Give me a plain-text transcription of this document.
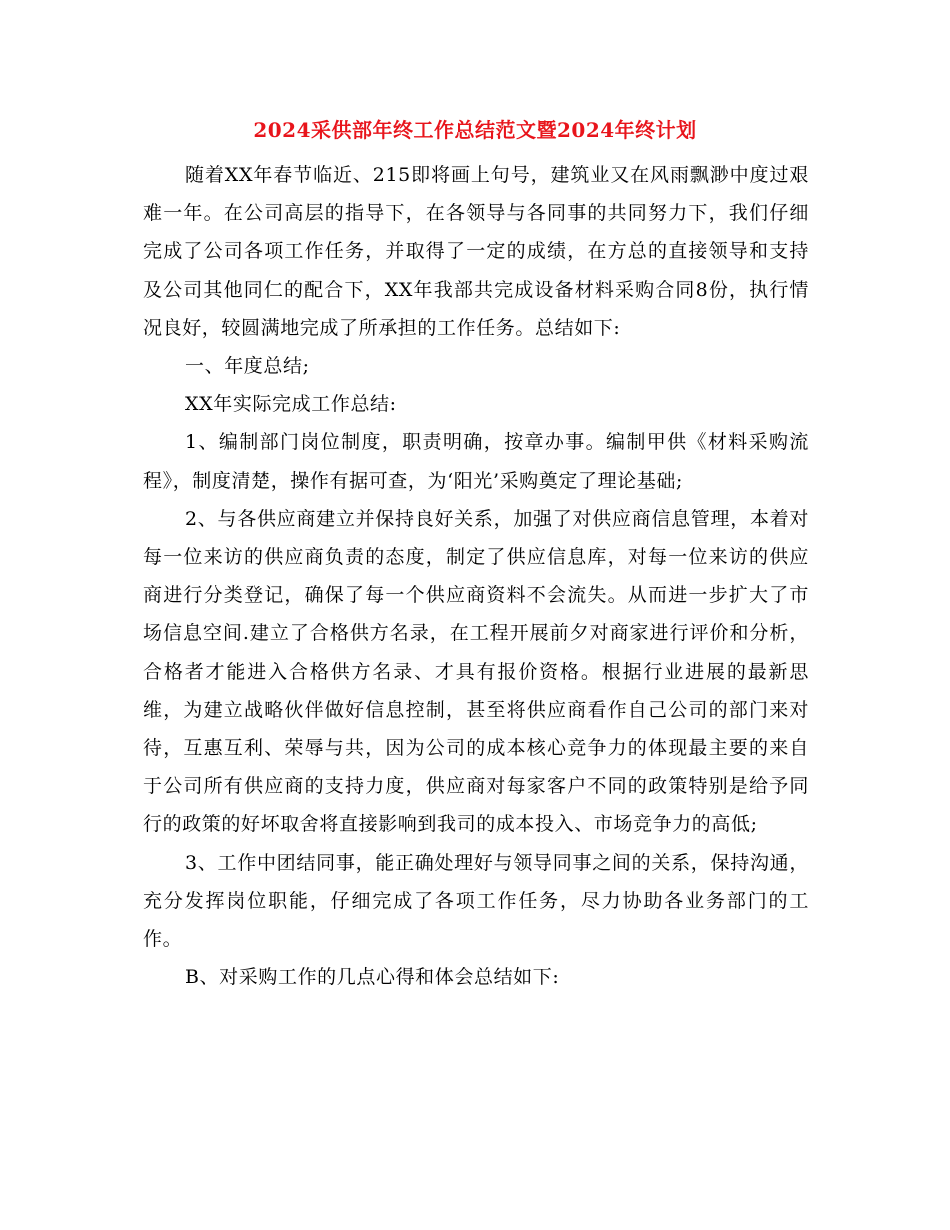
2024采供部年终工作总结范文暨2024年终计划

随着XX年春节临近、215即将画上句号，建筑业又在风雨飘渺中度过艰难一年。在公司高层的指导下，在各领导与各同事的共同努力下，我们仔细完成了公司各项工作任务，并取得了一定的成绩，在方总的直接领导和支持及公司其他同仁的配合下，XX年我部共完成设备材料采购合同8份，执行情况良好，较圆满地完成了所承担的工作任务。总结如下:

一、年度总结;

XX年实际完成工作总结:

1、编制部门岗位制度，职责明确，按章办事。编制甲供《材料采购流程》，制度清楚，操作有据可查，为‘阳光’采购奠定了理论基础;

2、与各供应商建立并保持良好关系，加强了对供应商信息管理，本着对每一位来访的供应商负责的态度，制定了供应信息库，对每一位来访的供应商进行分类登记，确保了每一个供应商资料不会流失。从而进一步扩大了市场信息空间.建立了合格供方名录，在工程开展前夕对商家进行评价和分析，合格者才能进入合格供方名录、才具有报价资格。根据行业进展的最新思维，为建立战略伙伴做好信息控制，甚至将供应商看作自己公司的部门来对待，互惠互利、荣辱与共，因为公司的成本核心竞争力的体现最主要的来自于公司所有供应商的支持力度，供应商对每家客户不同的政策特别是给予同行的政策的好坏取舍将直接影响到我司的成本投入、市场竞争力的高低;

3、工作中团结同事，能正确处理好与领导同事之间的关系，保持沟通，充分发挥岗位职能，仔细完成了各项工作任务，尽力协助各业务部门的工作。

B、对采购工作的几点心得和体会总结如下:
